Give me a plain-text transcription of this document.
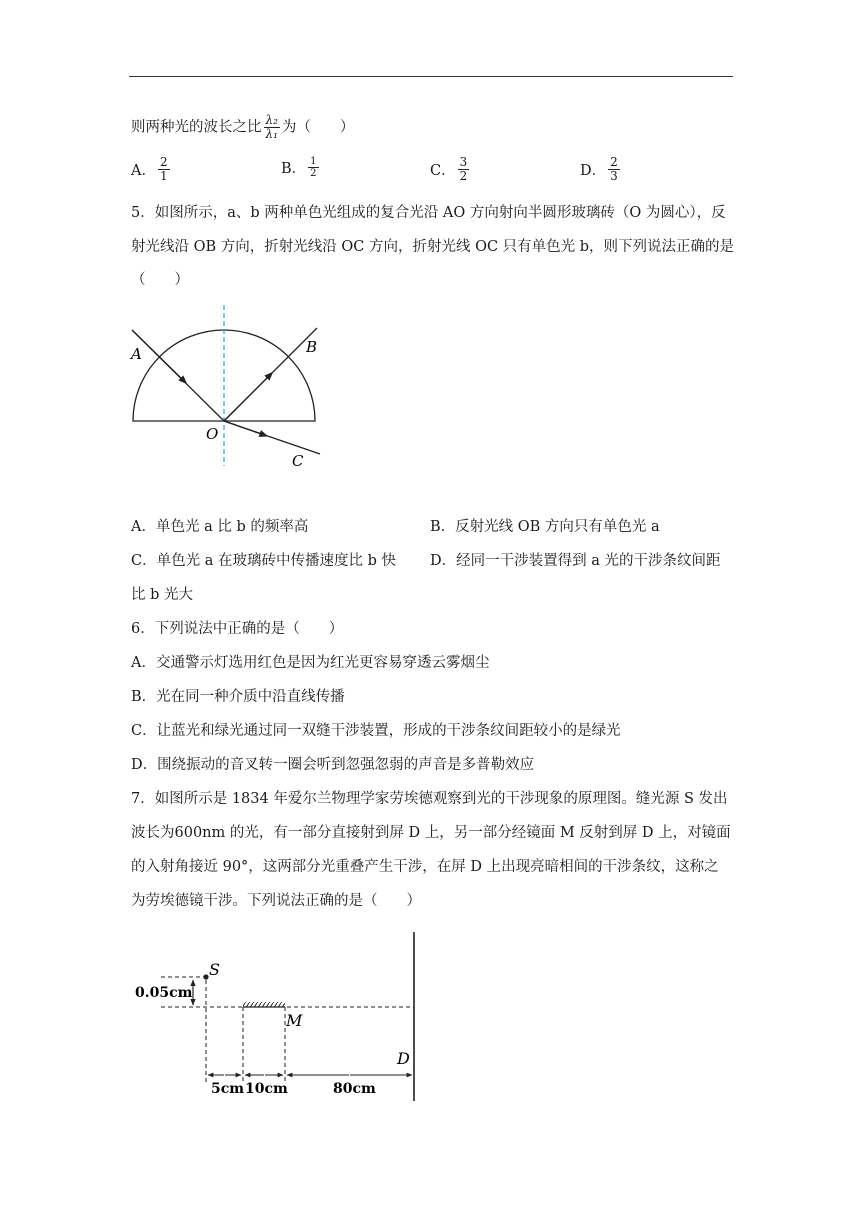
则两种光的波长之比 $\frac{\text{λ₂}}{\text{λ₁}}$ 为（　　）
A． $\frac{2}{1}$	B． $\frac{1}{2}$	C． $\frac{3}{2}$	D． $\frac{2}{3}$
5．如图所示，a、b 两种单色光组成的复合光沿 AO 方向射向半圆形玻璃砖（O 为圆心），反
射光线沿 OB 方向，折射光线沿 OC 方向，折射光线 OC 只有单色光 b，则下列说法正确的是
（　　）
A	B
O
C
A．单色光 a 比 b 的频率高	B．反射光线 OB 方向只有单色光 a
C．单色光 a 在玻璃砖中传播速度比 b 快 D．经同一干涉装置得到 a 光的干涉条纹间距
比 b 光大
6．下列说法中正确的是（　　）
A．交通警示灯选用红色是因为红光更容易穿透云雾烟尘
B．光在同一种介质中沿直线传播
C．让蓝光和绿光通过同一双缝干涉装置，形成的干涉条纹间距较小的是绿光
D．围绕振动的音叉转一圈会听到忽强忽弱的声音是多普勒效应
7．如图所示是 1834 年爱尔兰物理学家劳埃德观察到光的干涉现象的原理图。缝光源 S 发出
波长为600nm 的光，有一部分直接射到屏 D 上，另一部分经镜面 M 反射到屏 D 上，对镜面
的入射角接近 90°，这两部分光重叠产生干涉，在屏 D 上出现亮暗相间的干涉条纹，这称之
为劳埃德镜干涉。下列说法正确的是（　　）
S
0.05cm
M
D
5cm 10cm	80cm
